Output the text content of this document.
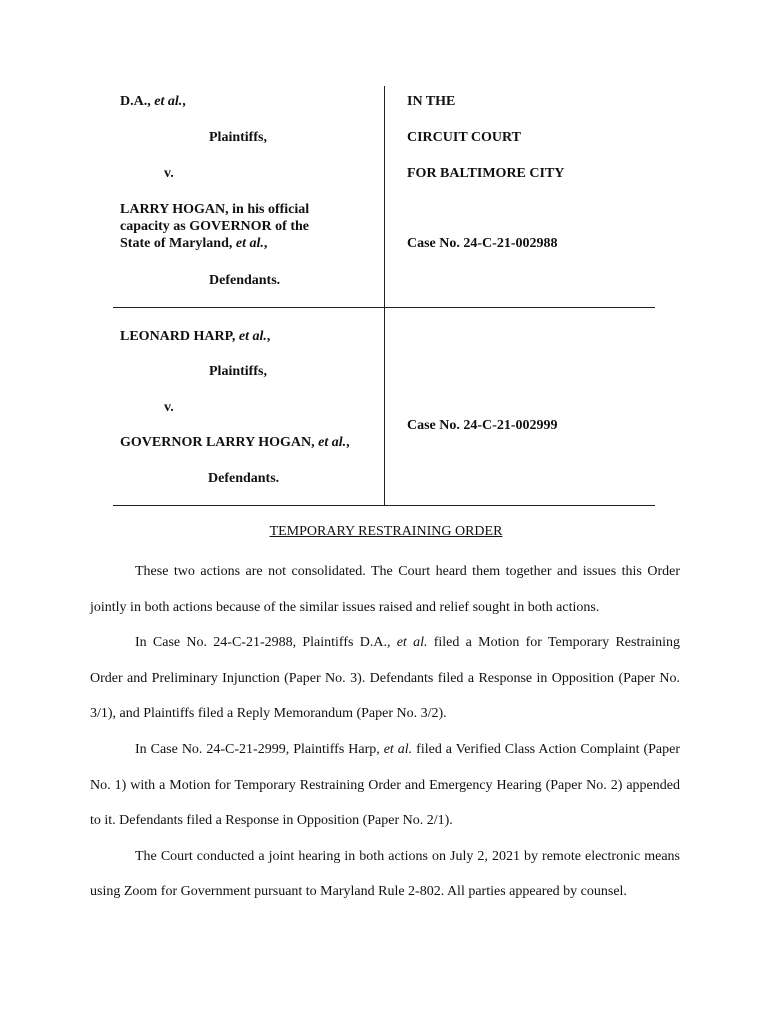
D.A., et al.,
Plaintiffs,
v.
LARRY HOGAN, in his official
capacity as GOVERNOR of the
State of Maryland, et al.,
Defendants.
IN THE
CIRCUIT COURT
FOR BALTIMORE CITY
Case No. 24-C-21-002988
LEONARD HARP, et al.,
Plaintiffs,
v.
GOVERNOR LARRY HOGAN, et al.,
Defendants.
Case No. 24-C-21-002999
TEMPORARY RESTRAINING ORDER

These two actions are not consolidated. The Court heard them together and issues this Order jointly in both actions because of the similar issues raised and relief sought in both actions.

In Case No. 24-C-21-2988, Plaintiffs D.A., et al. filed a Motion for Temporary Restraining Order and Preliminary Injunction (Paper No. 3). Defendants filed a Response in Opposition (Paper No. 3/1), and Plaintiffs filed a Reply Memorandum (Paper No. 3/2).

In Case No. 24-C-21-2999, Plaintiffs Harp, et al. filed a Verified Class Action Complaint (Paper No. 1) with a Motion for Temporary Restraining Order and Emergency Hearing (Paper No. 2) appended to it. Defendants filed a Response in Opposition (Paper No. 2/1).

The Court conducted a joint hearing in both actions on July 2, 2021 by remote electronic means using Zoom for Government pursuant to Maryland Rule 2-802. All parties appeared by counsel.
